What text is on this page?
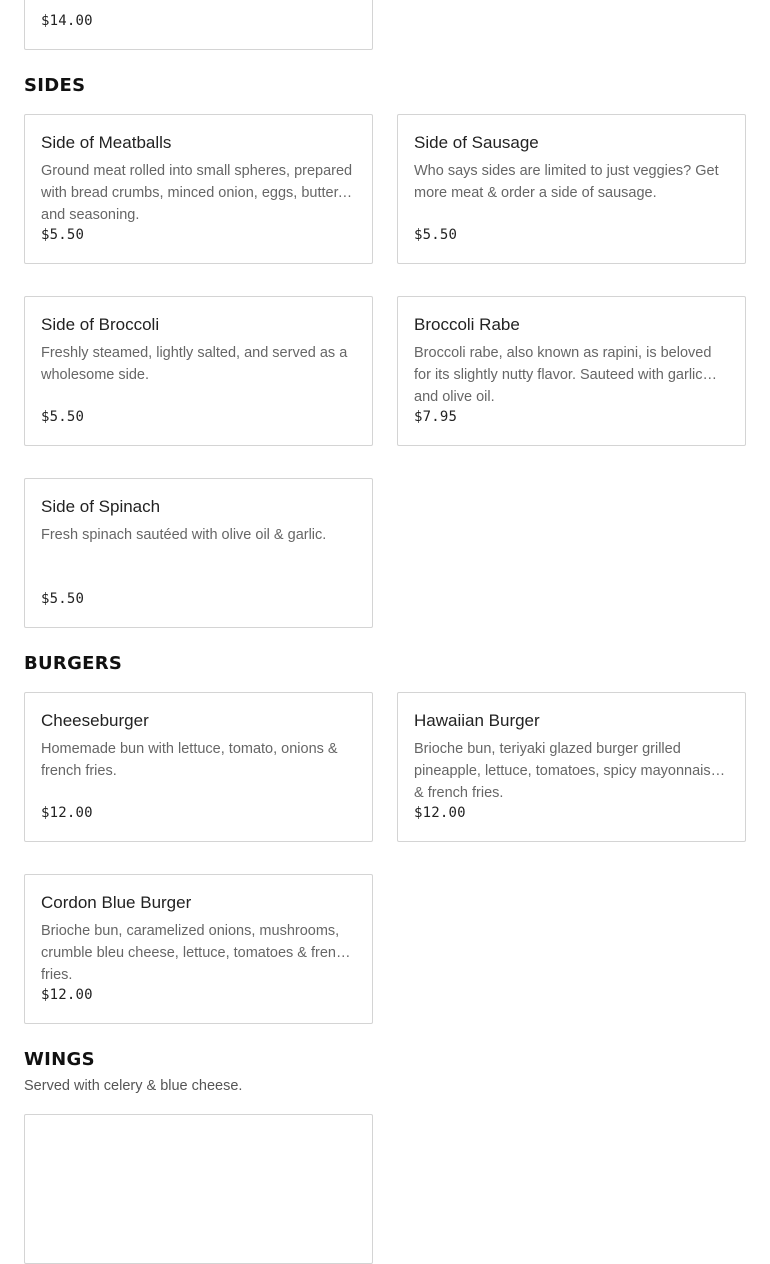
$14.00
SIDES
Side of Meatballs
Ground meat rolled into small spheres, prepared with bread crumbs, minced onion, eggs, butter, and seasoning.
$5.50
Side of Sausage
Who says sides are limited to just veggies? Get more meat & order a side of sausage.
$5.50
Side of Broccoli
Freshly steamed, lightly salted, and served as a wholesome side.
$5.50
Broccoli Rabe
Broccoli rabe, also known as rapini, is beloved for its slightly nutty flavor. Sauteed with garlic and olive oil.
$7.95
Side of Spinach
Fresh spinach sautéed with olive oil & garlic.
$5.50
BURGERS
Cheeseburger
Homemade bun with lettuce, tomato, onions & french fries.
$12.00
Hawaiian Burger
Brioche bun, teriyaki glazed burger grilled pineapple, lettuce, tomatoes, spicy mayonnaise & french fries.
$12.00
Cordon Blue Burger
Brioche bun, caramelized onions, mushrooms, crumble bleu cheese, lettuce, tomatoes & french fries.
$12.00
WINGS
Served with celery & blue cheese.
